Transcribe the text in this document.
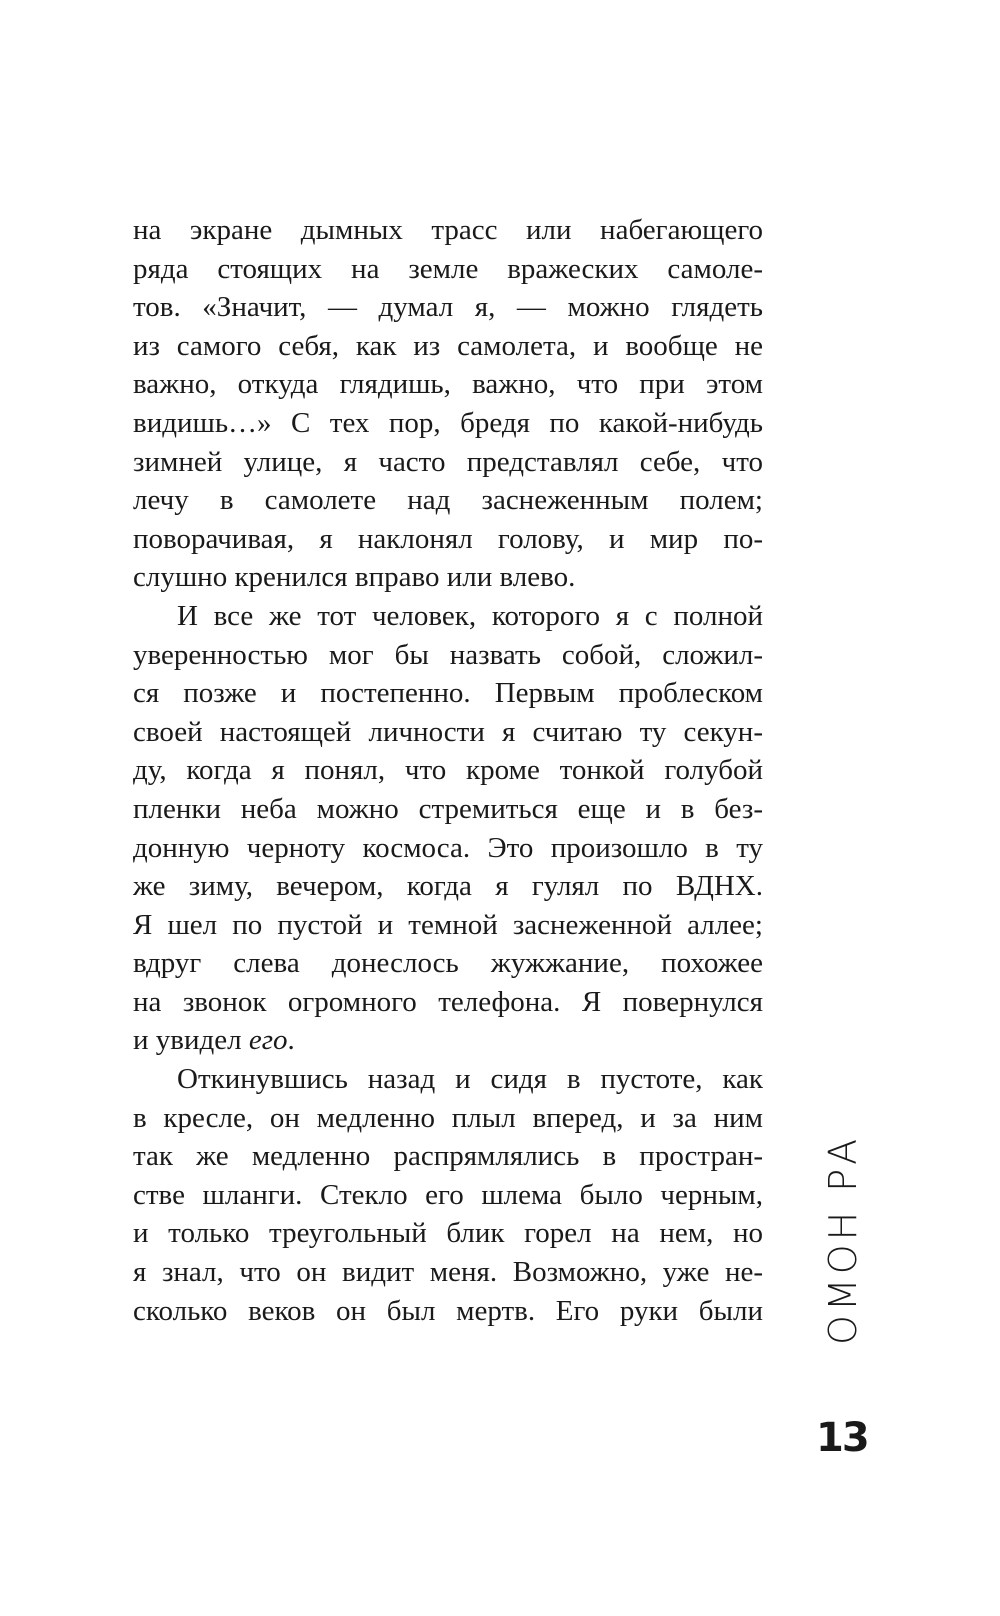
на экране дымных трасс или набегающего
ряда стоящих на земле вражеских самоле-
тов. «Значит, — думал я, — можно глядеть
из самого себя, как из самолета, и вообще не
важно, откуда глядишь, важно, что при этом
видишь…» С тех пор, бредя по какой-нибудь
зимней улице, я часто представлял себе, что
лечу в самолете над заснеженным полем;
поворачивая, я наклонял голову, и мир по-
слушно кренился вправо или влево.
И все же тот человек, которого я с полной
уверенностью мог бы назвать собой, сложил-
ся позже и постепенно. Первым проблеском
своей настоящей личности я считаю ту секун-
ду, когда я понял, что кроме тонкой голубой
пленки неба можно стремиться еще и в без-
донную черноту космоса. Это произошло в ту
же зиму, вечером, когда я гулял по ВДНХ.
Я шел по пустой и темной заснеженной аллее;
вдруг слева донеслось жужжание, похожее
на звонок огромного телефона. Я повернулся
и увидел его.
Откинувшись назад и сидя в пустоте, как
в кресле, он медленно плыл вперед, и за ним
так же медленно распрямлялись в простран-
стве шланги. Стекло его шлема было черным,
и только треугольный блик горел на нем, но
я знал, что он видит меня. Возможно, уже не-
сколько веков он был мертв. Его руки были ОМОН РА
13
